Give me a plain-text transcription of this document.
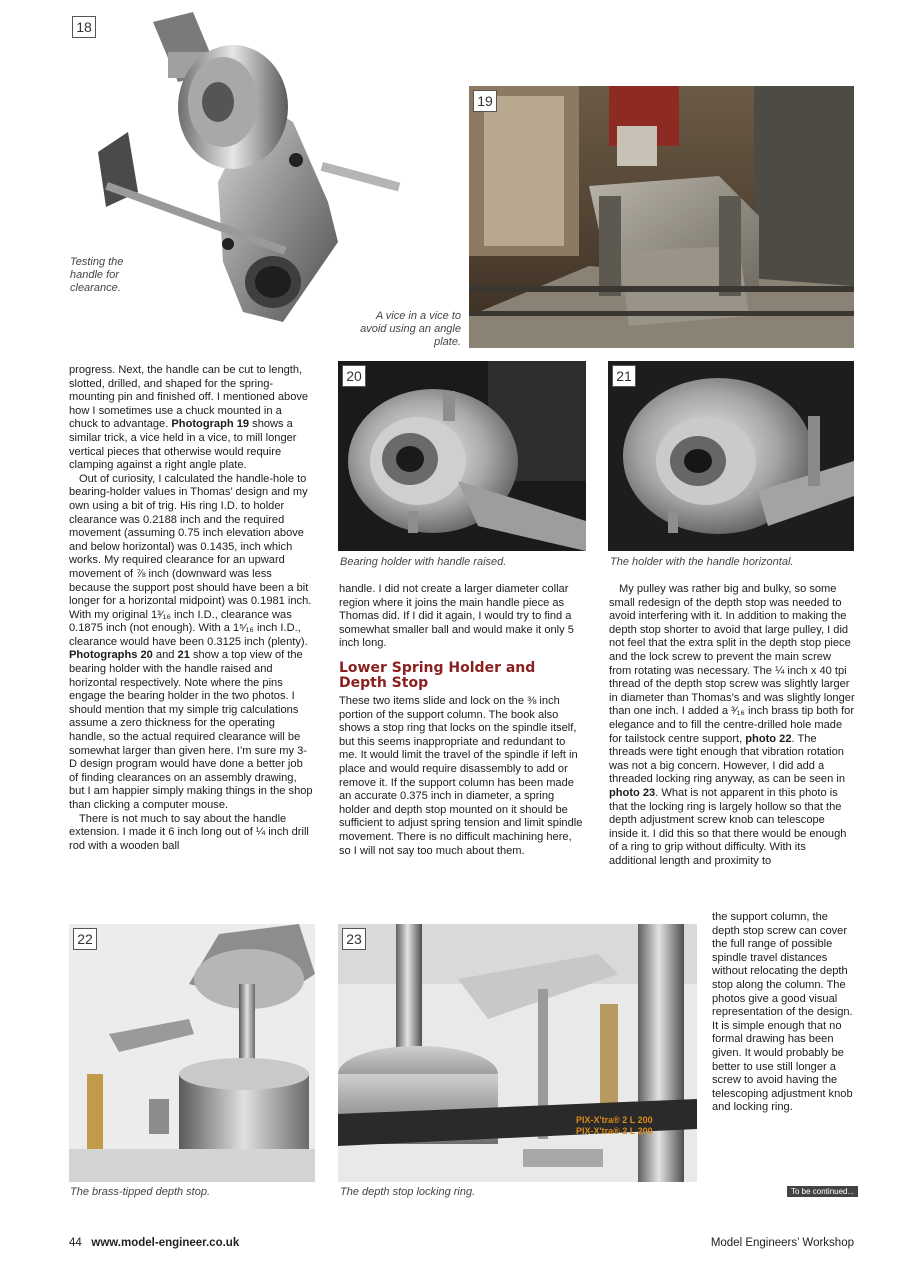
18
Testing the handle for clearance.
19
A vice in a vice to avoid using an angle plate.
20
Bearing holder with handle raised.
21
The holder with the handle horizontal.

progress. Next, the handle can be cut to length, slotted, drilled, and shaped for the spring-mounting pin and finished off. I mentioned above how I sometimes use a chuck mounted in a chuck to advantage. Photograph 19 shows a similar trick, a vice held in a vice, to mill longer vertical pieces that otherwise would require clamping against a right angle plate.

Out of curiosity, I calculated the handle-hole to bearing-holder values in Thomas’ design and my own using a bit of trig. His ring I.D. to holder clearance was 0.2188 inch and the required movement (assuming 0.75 inch elevation above and below horizontal) was 0.1435, inch which works. My required clearance for an upward movement of ⅞ inch (downward was less because the support post should have been a bit longer for a horizontal midpoint) was 0.1981 inch. With my original 1³⁄₁₆ inch I.D., clearance was 0.1875 inch (not enough). With a 1⁵⁄₁₆ inch I.D., clearance would have been 0.3125 inch (plenty). Photographs 20 and 21 show a top view of the bearing holder with the handle raised and horizontal respectively. Note where the pins engage the bearing holder in the two photos. I should mention that my simple trig calculations assume a zero thickness for the operating handle, so the actual required clearance will be somewhat larger than given here. I’m sure my 3-D design program would have done a better job of finding clearances on an assembly drawing, but I am happier simply making things in the shop than clicking a computer mouse.

There is not much to say about the handle extension. I made it 6 inch long out of ¼ inch drill rod with a wooden ball

handle. I did not create a larger diameter collar region where it joins the main handle piece as Thomas did. If I did it again, I would try to find a somewhat smaller ball and would make it only 5 inch long.

Lower Spring Holder and Depth Stop

These two items slide and lock on the ⅜ inch portion of the support column. The book also shows a stop ring that locks on the spindle itself, but this seems inappropriate and redundant to me. It would limit the travel of the spindle if left in place and would require disassembly to add or remove it. If the support column has been made an accurate 0.375 inch in diameter, a spring holder and depth stop mounted on it should be sufficient to adjust spring tension and limit spindle movement. There is no difficult machining here, so I will not say too much about them.

My pulley was rather big and bulky, so some small redesign of the depth stop was needed to avoid interfering with it. In addition to making the depth stop shorter to avoid that large pulley, I did not feel that the extra split in the depth stop piece and the lock screw to prevent the main screw from rotating was necessary. The ¼ inch x 40 tpi thread of the depth stop screw was slightly larger in diameter than Thomas’s and was slightly longer than one inch. I added a ³⁄₁₆ inch brass tip both for elegance and to fill the centre-drilled hole made for tailstock centre support, photo 22. The threads were tight enough that vibration rotation was not a big concern. However, I did add a threaded locking ring anyway, as can be seen in photo 23. What is not apparent in this photo is that the locking ring is largely hollow so that the depth adjustment screw knob can telescope inside it. I did this so that there would be enough of a ring to grip without difficulty. With its additional length and proximity to

the support column, the depth stop screw can cover the full range of possible spindle travel distances without relocating the depth stop along the column. The photos give a good visual representation of the design. It is simple enough that no formal drawing has been given. It would probably be better to use still longer a screw to avoid having the telescoping adjustment knob and locking ring.

22
The brass-tipped depth stop.
PIX-X'tra® 2 L 200
PIX-X'tra® 2 L 200
23
The depth stop locking ring.	To be continued...
44 www.model-engineer.co.uk	Model Engineers’ Workshop
